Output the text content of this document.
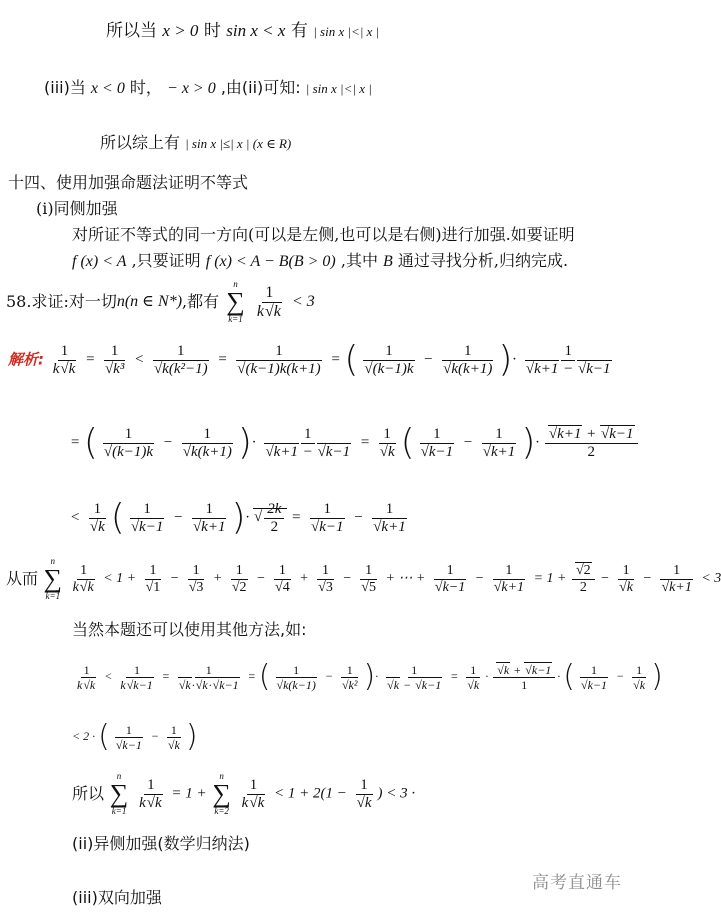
所以当 x > 0 时 sin x < x 有 | sin x |<| x |
(iii)当 x < 0 时， − x > 0 ,由(ii)可知: | sin x |<| x |
所以综上有 | sin x |≤| x | (x ∈ R)
十四、使用加强命题法证明不等式
(i)同侧加强
对所证不等式的同一方向(可以是左侧,也可以是右侧)进行加强.如要证明
f (x) < A ,只要证明 f (x) < A − B(B > 0) ,其中 B 通过寻找分析,归纳完成.
58.求证:对一切n(n ∈ N*),都有
n
∑
k=1
$\frac{1}{k√k} < 3$
解析: $\frac{1}{k√k} = \frac{1}{\text{√k³}} < \frac{1}{\text{√k(k²−1)}} = \frac{1}{√(k-1)k(k+1)}$ = ( $\frac{1}{√(k-1)k} - \frac{1}{√k(k+1)}$ )· $\frac{1}{√k+1 - √k-1}$
= ( $\frac{1}{√(k-1)k} - \frac{1}{√k(k+1)}$ )· $\frac{1}{√k+1 - √k-1} = \frac{1}{√k}$ ( $\frac{1}{√k-1} - \frac{1}{√k+1}$ )· $\frac{√k+1 + √k-1}{2}$
< $\frac{1}{√k}$ ( $\frac{1}{√k-1} - \frac{1}{√k+1}$ )· √ $\frac{2k}{2} = \frac{1}{√k-1} - \frac{1}{√k+1}$
从而
n
∑
k=1

$\frac{1}{k√k} < 1 + \frac{1}{√1} - \frac{1}{√3} + \frac{1}{√2} - \frac{1}{√4} + \frac{1}{√3} - \frac{1}{√5}$ + ⋯ + $\frac{1}{√k-1} - \frac{1}{√k+1} = 1 + \frac{√2}{2} - \frac{1}{√k} - \frac{1}{√k+1} < 3$
当然本题还可以使用其他方法,如:
$\frac{1}{k√k} < \frac{1}{k√k-1} = \frac{1}{√k\cdot√k\cdot√k-1}$ = ( $\frac{1}{√k(k-1)} - \frac{1}{\text{√k²}}$ )· $\frac{1}{√k - √k-1} = \frac{1}{√k} \cdot \frac{√k + √k-1}{1}$ · ( $\frac{1}{√k-1} - \frac{1}{√k}$ )
< 2 · ( $\frac{1}{√k-1} - \frac{1}{√k}$ )
所以
n
∑
k=1

$\frac{1}{k√k} = 1$ +
n
∑
k=2

$\frac{1}{k√k} < 1 + 2(1 - \frac{1}{√k}$ ) < 3 ·
(ii)异侧加强(数学归纳法)
(iii)双向加强
高考直通车
